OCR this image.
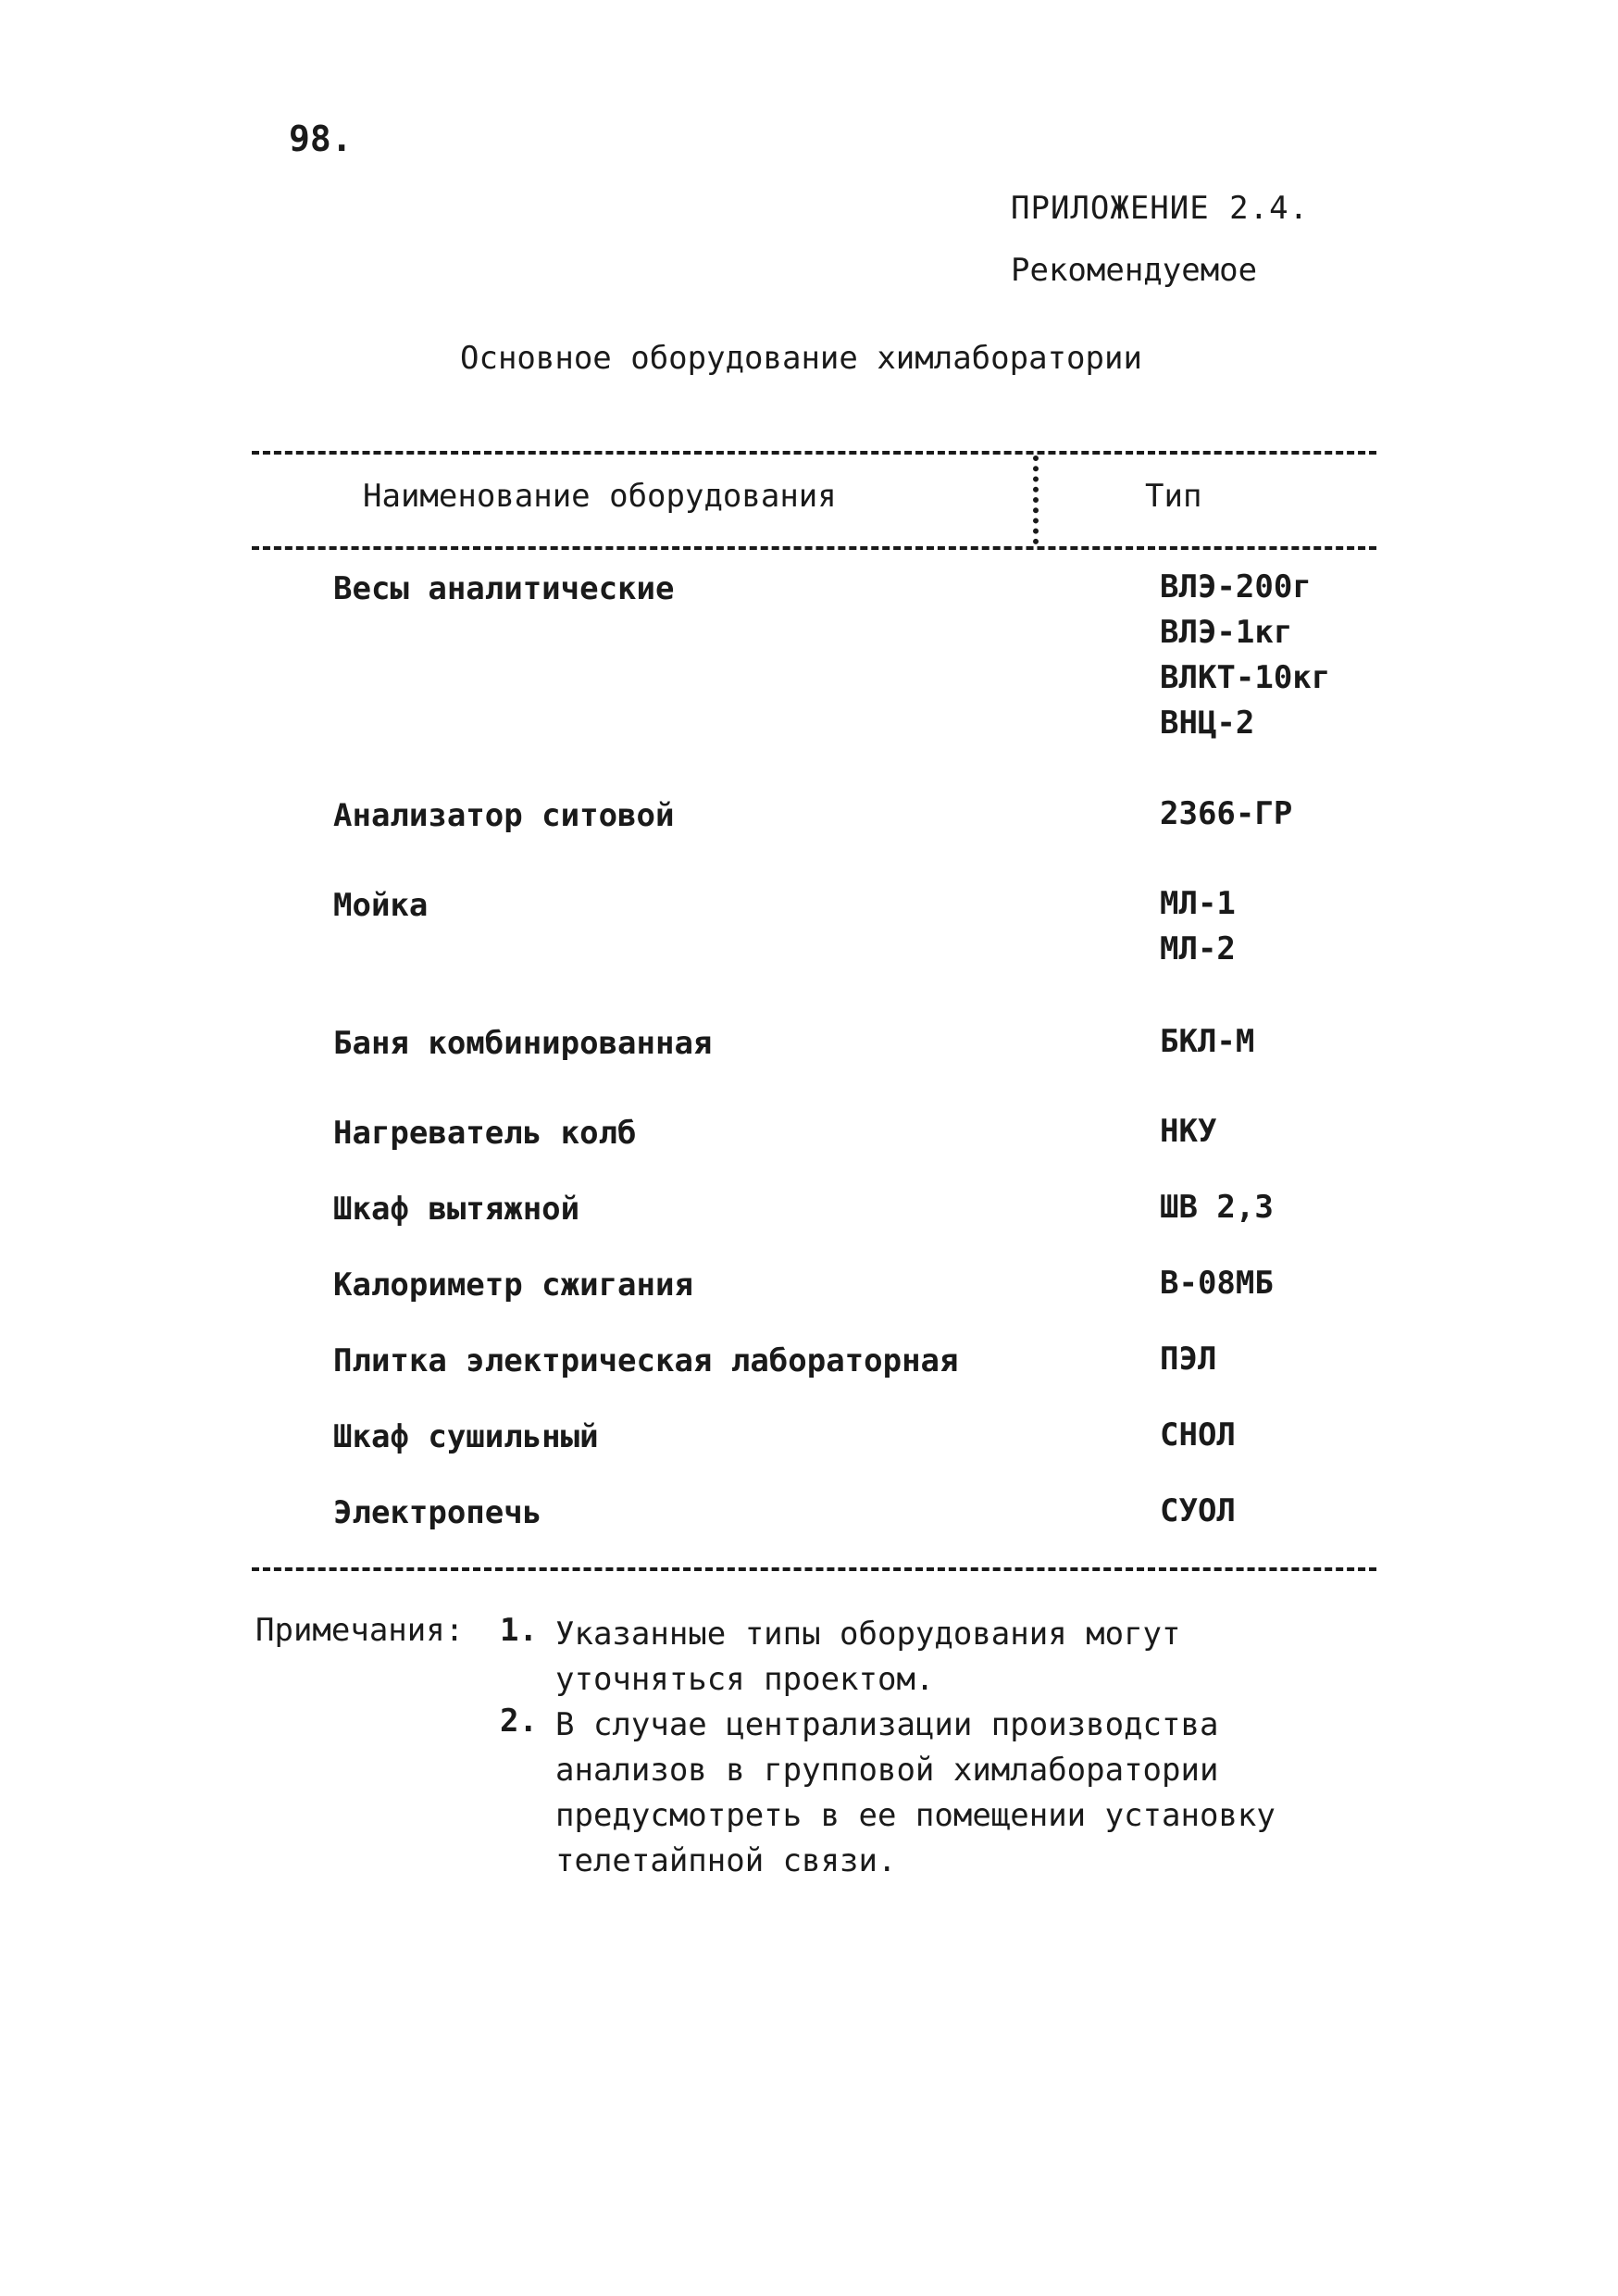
98.
ПРИЛОЖЕНИЕ 2.4.
Рекомендуемое
Основное оборудование химлаборатории
Наименование оборудования	Тип
Весы аналитические	ВЛЭ-200г
ВЛЭ-1кг
ВЛКТ-10кг
ВНЦ-2
Анализатор ситовой	2366-ГР
Мойка	МЛ-1
МЛ-2
Баня комбинированная	БКЛ-М
Нагреватель колб	НКУ
Шкаф вытяжной	ШВ 2,3
Калориметр сжигания	В-08МБ
Плитка электрическая лабораторная	ПЭЛ
Шкаф сушильный	СНОЛ
Электропечь	СУОЛ
Примечания: 1. Указанные типы оборудования могут уточняться проектом.
2. В случае централизации производства анализов в групповой химлаборатории предусмотреть в ее помещении установку телетайпной связи.
